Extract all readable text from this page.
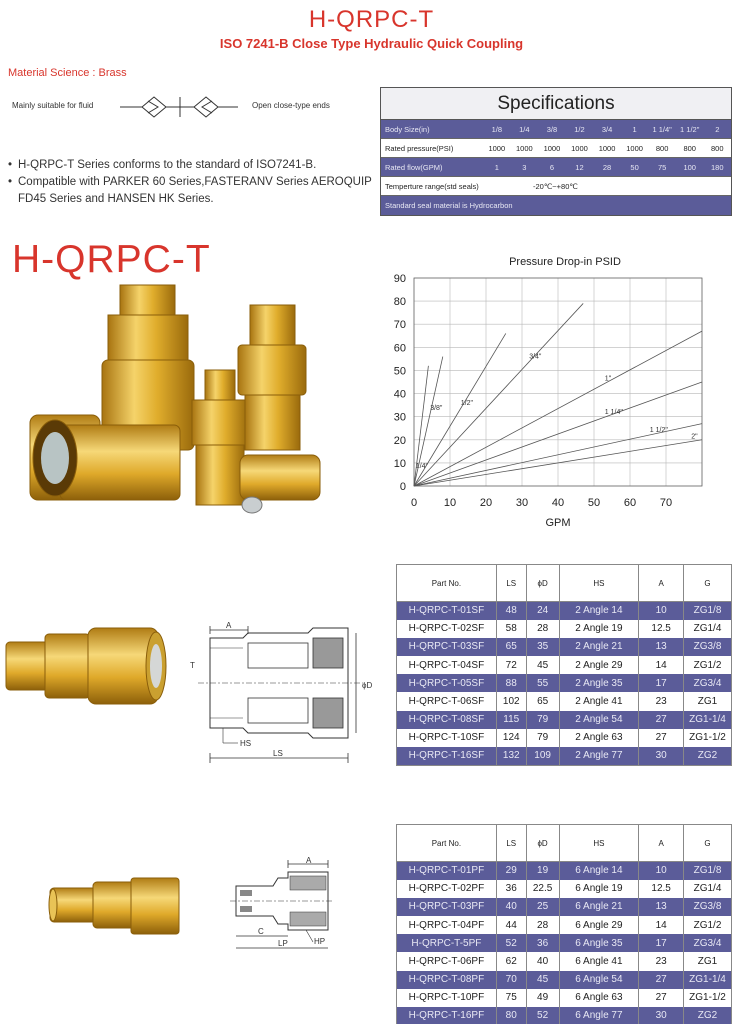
H-QRPC-T
ISO 7241-B Close Type Hydraulic Quick Coupling
Material Science : Brass
Mainly suitable for fluid	Open close-type ends
• H-QRPC-T Series conforms to the standard of ISO7241-B.
• Compatible with PARKER 60 Series,FASTERANV Series AEROQUIP FD45 Series and HANSEN HK Series.
H-QRPC-T
Specifications
Body Size(in)	1/8	1/4	3/8	1/2	3/4	1	1 1/4"	1 1/2"	2
Rated pressure(PSI)	1000	1000	1000	1000	1000	1000	800	800	800
Rated flow(GPM)	1	3	6	12	28	50	75	100	180
Temperture range(std seals)	-20℃~+80℃
Standard seal material is Hydrocarbon
Pressure Drop-in PSID
0 10 20 30 40 50 60 70
0
10
20
30
40
50
60
70
80
90
GPM
1/4"
3/8"
1/2"
3/4"
1"
1 1/4"
1 1/2"
2"
A
T
ϕD
HS
LS
A
C
LP	HP
Part No.	LS	ϕD	HS	A	G
H-QRPC-T-01SF	48	24	2 Angle 14	10	ZG1/8
H-QRPC-T-02SF	58	28	2 Angle 19	12.5	ZG1/4
H-QRPC-T-03SF	65	35	2 Angle 21	13	ZG3/8
H-QRPC-T-04SF	72	45	2 Angle 29	14	ZG1/2
H-QRPC-T-05SF	88	55	2 Angle 35	17	ZG3/4
H-QRPC-T-06SF	102	65	2 Angle 41	23	ZG1
H-QRPC-T-08SF	115	79	2 Angle 54	27	ZG1-1/4
H-QRPC-T-10SF	124	79	2 Angle 63	27	ZG1-1/2
H-QRPC-T-16SF	132	109	2 Angle 77	30	ZG2
Part No.	LS	ϕD	HS	A	G
H-QRPC-T-01PF	29	19	6 Angle 14	10	ZG1/8
H-QRPC-T-02PF	36	22.5	6 Angle 19	12.5	ZG1/4
H-QRPC-T-03PF	40	25	6 Angle 21	13	ZG3/8
H-QRPC-T-04PF	44	28	6 Angle 29	14	ZG1/2
H-QRPC-T-5PF	52	36	6 Angle 35	17	ZG3/4
H-QRPC-T-06PF	62	40	6 Angle 41	23	ZG1
H-QRPC-T-08PF	70	45	6 Angle 54	27	ZG1-1/4
H-QRPC-T-10PF	75	49	6 Angle 63	27	ZG1-1/2
H-QRPC-T-16PF	80	52	6 Angle 77	30	ZG2
